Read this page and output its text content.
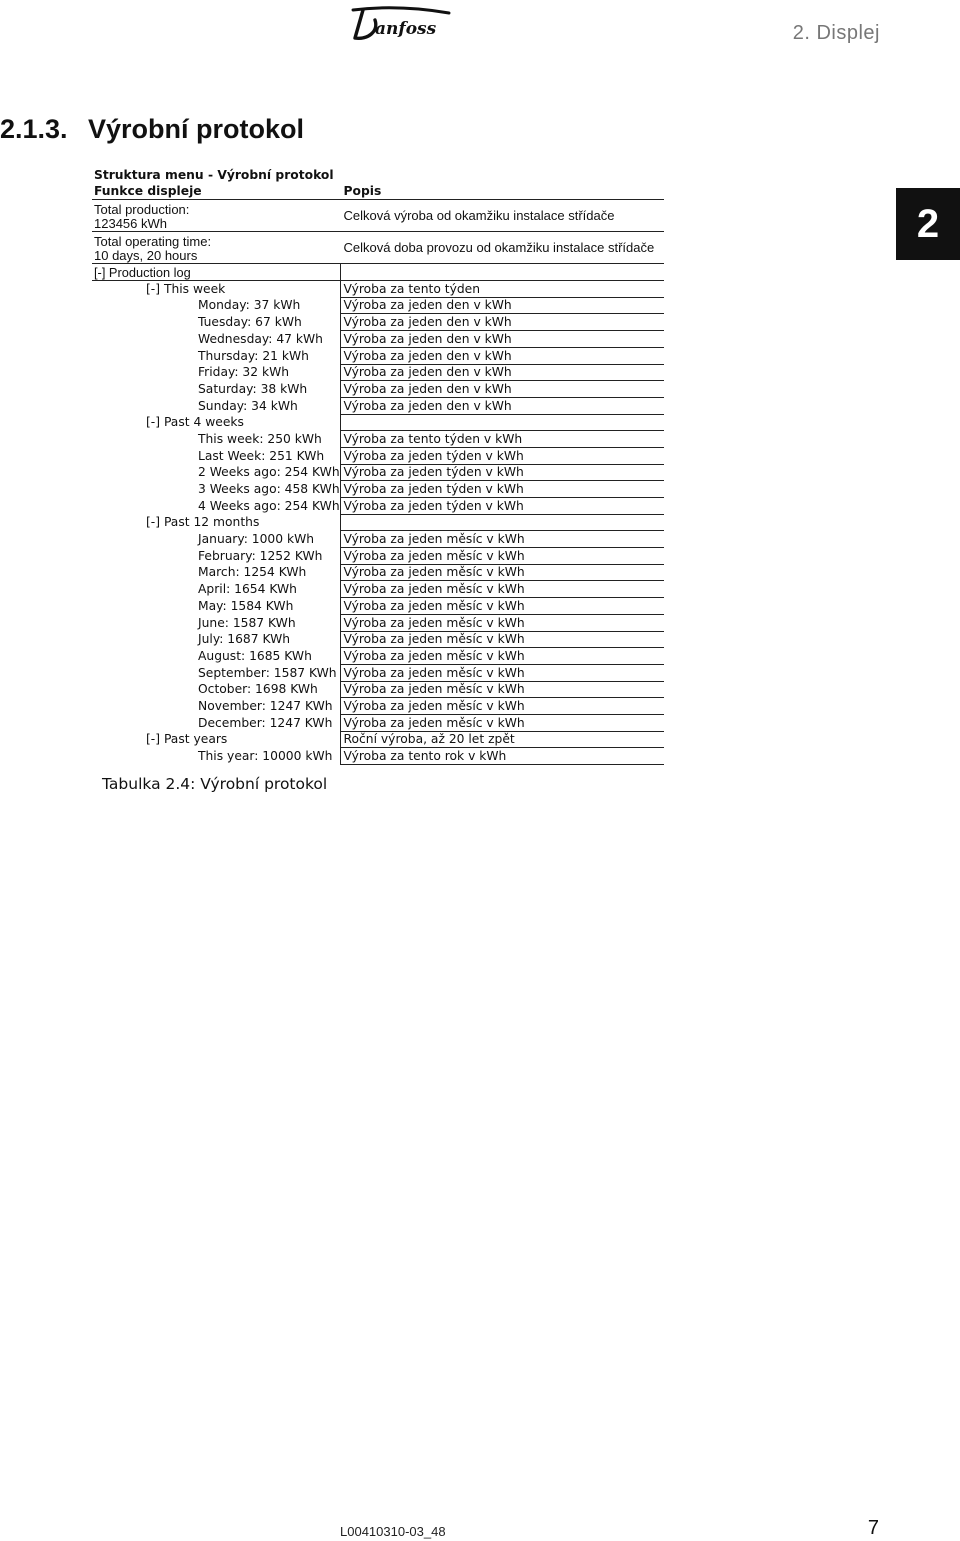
anfoss	2. Displej
2
2.1.3. Výrobní protokol
Struktura menu - Výrobní protokol	
Funkce displeje	Popis

Total production:
123456 kWh	Celková výroba od okamžiku instalace střídače

Total operating time:
10 days, 20 hours	Celková doba provozu od okamžiku instalace střídače
[-] Production log	
[-] This week	Výroba za tento týden
Monday: 37 kWh	Výroba za jeden den v kWh
Tuesday: 67 kWh	Výroba za jeden den v kWh
Wednesday: 47 kWh	Výroba za jeden den v kWh
Thursday: 21 kWh	Výroba za jeden den v kWh
Friday: 32 kWh	Výroba za jeden den v kWh
Saturday: 38 kWh	Výroba za jeden den v kWh
Sunday: 34 kWh	Výroba za jeden den v kWh
[-] Past 4 weeks	
This week: 250 kWh	Výroba za tento týden v kWh
Last Week: 251 KWh	Výroba za jeden týden v kWh
2 Weeks ago: 254 KWh	Výroba za jeden týden v kWh
3 Weeks ago: 458 KWh	Výroba za jeden týden v kWh
4 Weeks ago: 254 KWh	Výroba za jeden týden v kWh
[-] Past 12 months	
January: 1000 kWh	Výroba za jeden měsíc v kWh
February: 1252 KWh	Výroba za jeden měsíc v kWh
March: 1254 KWh	Výroba za jeden měsíc v kWh
April: 1654 KWh	Výroba za jeden měsíc v kWh
May: 1584 KWh	Výroba za jeden měsíc v kWh
June: 1587 KWh	Výroba za jeden měsíc v kWh
July: 1687 KWh	Výroba za jeden měsíc v kWh
August: 1685 KWh	Výroba za jeden měsíc v kWh
September: 1587 KWh	Výroba za jeden měsíc v kWh
October: 1698 KWh	Výroba za jeden měsíc v kWh
November: 1247 KWh	Výroba za jeden měsíc v kWh
December: 1247 KWh	Výroba za jeden měsíc v kWh
[-] Past years	Roční výroba, až 20 let zpět
This year: 10000 kWh	Výroba za tento rok v kWh
Tabulka 2.4: Výrobní protokol
L00410310-03_48	7
